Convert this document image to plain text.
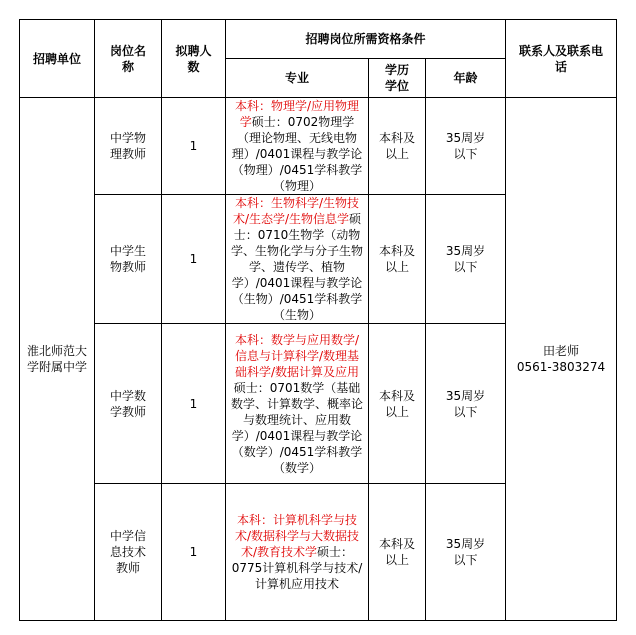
招聘单位	岗位名称	拟聘人数	招聘岗位所需资格条件			联系人及联系电话
			专业	学历学位	年龄	
淮北师范大学附属中学	中学物理教师	1	本科：物理学/应用物理学硕士：0702物理学（理论物理、无线电物理）/0401课程与教学论（物理）/0451学科教学（物理）	本科及以上	35周岁以下	田老师
0561-3803274

	中学生物教师	1	本科：生物科学/生物技术/生态学/生物信息学硕士：0710生物学（动物学、生物化学与分子生物学、遗传学、植物学）/0401课程与教学论（生物）/0451学科教学（生物）	本科及以上	35周岁以下	
	中学数学教师	1	本科：数学与应用数学/信息与计算科学/数理基础科学/数据计算及应用硕士：0701数学（基础数学、计算数学、概率论与数理统计、应用数学）/0401课程与教学论（数学）/0451学科教学（数学）	本科及以上	35周岁以下	
	中学信息技术教师	1	本科：计算机科学与技术/数据科学与大数据技术/教育技术学硕士：0775计算机科学与技术/计算机应用技术	本科及以上	35周岁以下	
